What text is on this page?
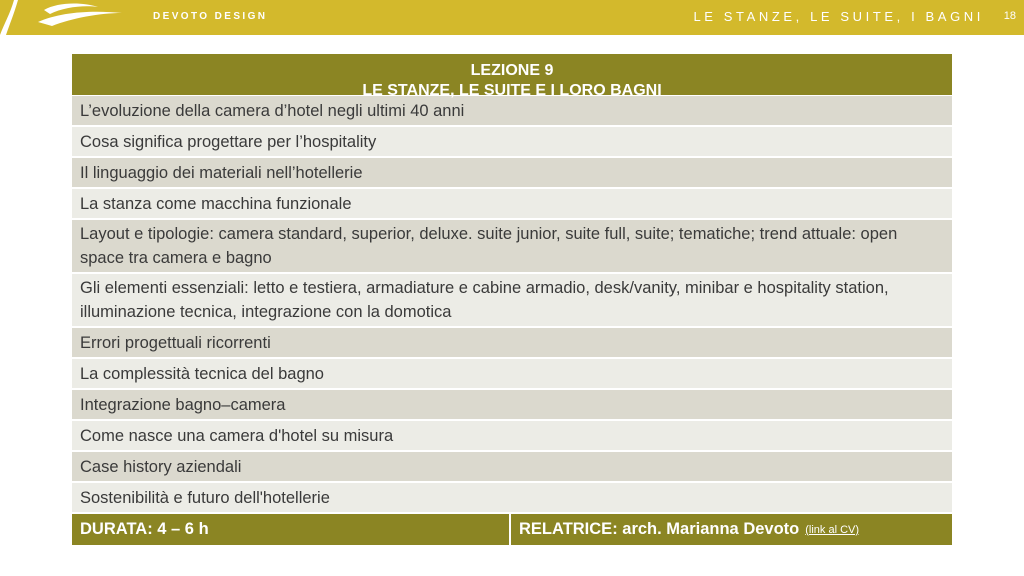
DEVOTO DESIGN	LE STANZE, LE SUITE, I BAGNI 18
LEZIONE 9
LE STANZE, LE SUITE E I LORO BAGNI
L’evoluzione della camera d’hotel negli ultimi 40 anni
Cosa significa progettare per l’hospitality
Il linguaggio dei materiali nell’hotellerie
La stanza come macchina funzionale
Layout e tipologie: camera standard, superior, deluxe. suite junior, suite full, suite; tematiche; trend attuale: open space tra camera e bagno
Gli elementi essenziali: letto e testiera, armadiature e cabine armadio, desk/vanity, minibar e hospitality station, illuminazione tecnica, integrazione con la domotica
Errori progettuali ricorrenti
La complessità tecnica del bagno
Integrazione bagno–camera
Come nasce una camera d'hotel su misura
Case history aziendali
Sostenibilità e futuro dell'hotellerie
DURATA: 4 – 6 h	RELATRICE: arch. Marianna Devoto (link al CV)
